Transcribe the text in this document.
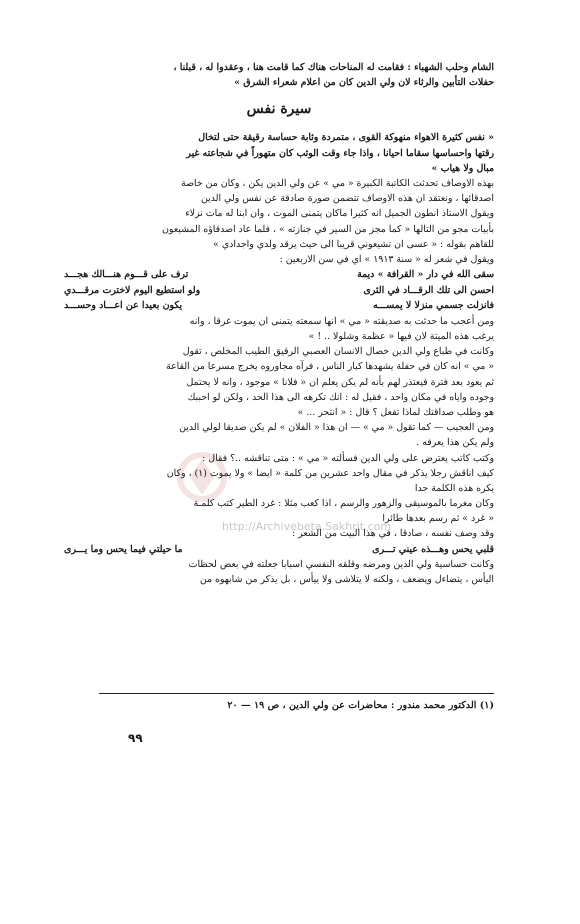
http://Archivebeta.Sakhrit.com
الشام وحلب الشهباء : فقامت له المناحات هناك كما قامت هنا ، وعقدوا له ، قبلنا ،
حفلات التأبين والرثاء لان ولي الدين كان من اعلام شعراء الشرق »
سيرة نفس
« نفس كثيرة الاهواء منهوكة القوى ، متمردة وثابة حساسة رقيقة حتى لتخال
رقتها واحساسها سقاما احيانا ، واذا جاء وقت الوثب كان متهوراً في شجاعته غير
مبال ولا هياب »
بهذه الاوصاف تحدثت الكاتبة الكبيرة « مي » عن ولي الدين يكن ، وكان من خاصة
اصدقائها ، ونعتقد ان هذه الاوصاف تتضمن صورة صادقة عن نفس ولي الدين
ويقول الاستاذ انطون الجميل انه كثيرا ماكان يتمنى الموت ، وان ابنا له مات نزلاء
بأبيات مجو من التالها « كما مجز من السير في جنازته » ، فلما عاد اصدقاؤه المشيعون
للقاهم بقوله : « عسى ان تشيعوني قريبا الى حيث يرقد ولدي واجدادي »
ويقول في شعر له « سنة ١٩١٣ » اي في سن الاربعين :
سقى الله في دار « القرافة » ديمة
ترف على قـــوم هنـــالك هجـــد
احسن الى تلك الرقـــاد في الثرى
ولو استطيع اليوم لاخترت مرقـــدي
فانزلت جسمي منزلا لا يمســـه
يكون بعيدا عن اعـــاد وحســـد
ومن أعجب ما حدثت به صديقته « مي » انها سمعته يتمنى ان يموت غرقا ، وانه
يرغب هذه الميتة لان فيها « عظمة وشلولا .. ! »
وكانت في طباع ولي الدين خصال الانسان العصبي الرقيق الطيب المخلص ، تقول
« مي » انه كان في حفلة يشهدها كبار الناس ، فرآه مجاوروه يخرج مسرعا من القاعة
ثم يعود بعد فترة فيعتذر لهم بأنه لم يكن يعلم ان « فلانا » موجود ، وانه لا يحتمل
وجوده واياه في مكان واحد ، فقيل له : انك تكرهه الى هذا الحد ، ولكن لو احببك
هو وطلب صداقتك لماذا تفعل ؟ قال : « انتحر ... »
ومن العجيب — كما تقول « مي » — ان هذا « الفلان » لم يكن صديقا لولي الدين
ولم يكن هذا يعرفه .
وكتب كاتب يعترض على ولي الدين فسألته « مي » : متى تناقشه ..؟ فقال :
كيف اناقش رجلا يذكر في مقال واحد عشرين من كلمة « ايضا » ولا يموت (١) ، وكان
يكره هذه الكلمة جدا
وكان مغرما بالموسيقى والزهور والرسم ، اذا كعب مثلا : غرد الطير كتب كلمـة
« غرد » ثم رسم بعدها طائرا
وقد وصف نفسه ، صادقا ، في هذا البيت من الشعر :
قلبي يحس وهـــذه عيني تـــرى
ما حيلتي فيما يحس وما يـــرى
وكانت حساسية ولي الدين ومرضه وقلقه النفسي اسبابا جعلته في بعض لحظات
اليأس ، يتضاءل ويضعف ، ولكنه لا يتلاشى ولا ييأس ، بل يذكر من شابهوه من
(١) الدكتور محمد مندور : محاضرات عن ولي الدين ، ص ١٩ — ٢٠
٩٩
